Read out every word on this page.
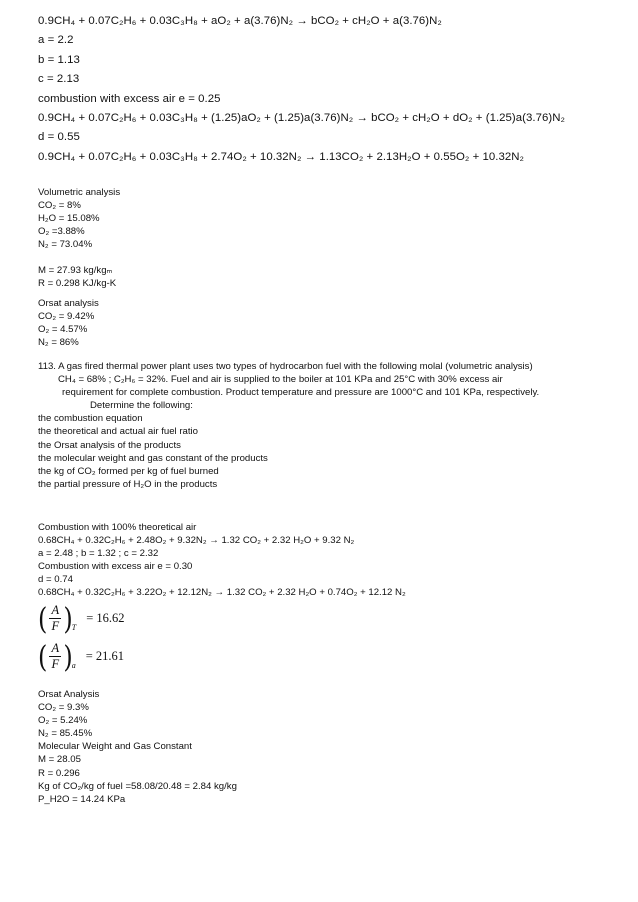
0.9CH₄ + 0.07C₂H₆ + 0.03C₃H₈ + aO₂ + a(3.76)N₂ → bCO₂ + cH₂O + a(3.76)N₂
a = 2.2
b = 1.13
c = 2.13
combustion with excess air e = 0.25
0.9CH₄ + 0.07C₂H₆ + 0.03C₃H₈ + (1.25)aO₂ + (1.25)a(3.76)N₂ → bCO₂ + cH₂O + dO₂ + (1.25)a(3.76)N₂
d = 0.55
0.9CH₄ + 0.07C₂H₆ + 0.03C₃H₈ + 2.74O₂ + 10.32N₂ → 1.13CO₂ + 2.13H₂O + 0.55O₂ + 10.32N₂
Volumetric analysis
CO₂ = 8%
H₂O = 15.08%
O₂ =3.88%
N₂ = 73.04%
M = 27.93 kg/kgₘ
R = 0.298 KJ/kg-K
Orsat analysis
CO₂ = 9.42%
O₂ = 4.57%
N₂ = 86%
113. A gas fired thermal power plant uses two types of hydrocarbon fuel with the following molal (volumetric analysis)
CH₄ = 68% ; C₂H₆ = 32%. Fuel and air is supplied to the boiler at 101 KPa and 25°C with 30% excess air
requirement for complete combustion. Product temperature and pressure are 1000°C and 101 KPa, respectively.
Determine the following:
the combustion equation
the theoretical and actual air fuel ratio
the Orsat analysis of the products
the molecular weight and gas constant of the products
the kg of CO₂ formed per kg of fuel burned
the partial pressure of H₂O in the products
Combustion with 100% theoretical air
0.68CH₄ + 0.32C₂H₆ + 2.48O₂ + 9.32N₂ → 1.32 CO₂ + 2.32 H₂O + 9.32 N₂
a = 2.48 ; b = 1.32 ; c = 2.32
Combustion with excess air e = 0.30
d = 0.74
0.68CH₄ + 0.32C₂H₆ + 3.22O₂ + 12.12N₂ → 1.32 CO₂ + 2.32 H₂O + 0.74O₂ + 12.12 N₂
( $\frac{A}{F}$ ) T
= 16.62
( $\frac{A}{F}$ ) a
= 21.61
Orsat Analysis
CO₂ = 9.3%
O₂ = 5.24%
N₂ = 85.45%
Molecular Weight and Gas Constant
M = 28.05
R = 0.296
Kg of CO₂/kg of fuel =58.08/20.48 = 2.84 kg/kg
P_H2O = 14.24 KPa
